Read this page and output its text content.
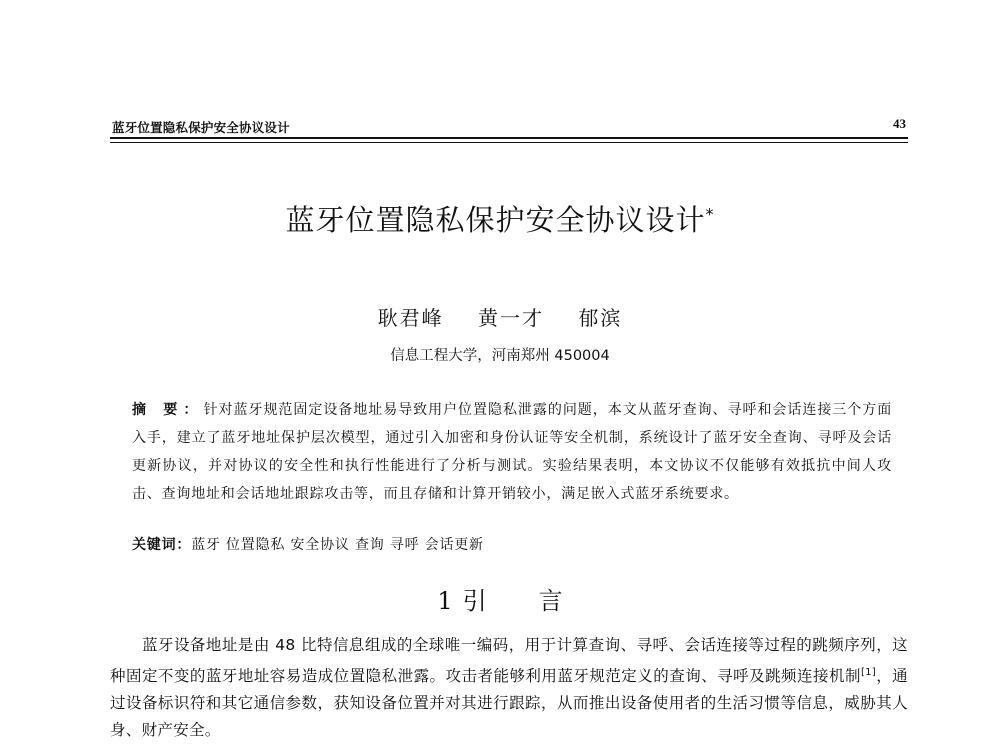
蓝牙位置隐私保护安全协议设计	43
蓝牙位置隐私保护安全协议设计*
耿君峰 黄一才 郁滨
信息工程大学，河南郑州 450004
摘 要：针对蓝牙规范固定设备地址易导致用户位置隐私泄露的问题，本文从蓝牙查询、寻呼和会话连接三个方面入手，建立了蓝牙地址保护层次模型，通过引入加密和身份认证等安全机制，系统设计了蓝牙安全查询、寻呼及会话更新协议，并对协议的安全性和执行性能进行了分析与测试。实验结果表明，本文协议不仅能够有效抵抗中间人攻击、查询地址和会话地址跟踪攻击等，而且存储和计算开销较小，满足嵌入式蓝牙系统要求。
关键词：蓝牙 位置隐私 安全协议 查询 寻呼 会话更新
1 引 言
蓝牙设备地址是由 48 比特信息组成的全球唯一编码，用于计算查询、寻呼、会话连接等过程的跳频序列，这种固定不变的蓝牙地址容易造成位置隐私泄露。攻击者能够利用蓝牙规范定义的查询、寻呼及跳频连接机制[1]，通过设备标识符和其它通信参数，获知设备位置并对其进行跟踪，从而推出设备使用者的生活习惯等信息，威胁其人身、财产安全。
